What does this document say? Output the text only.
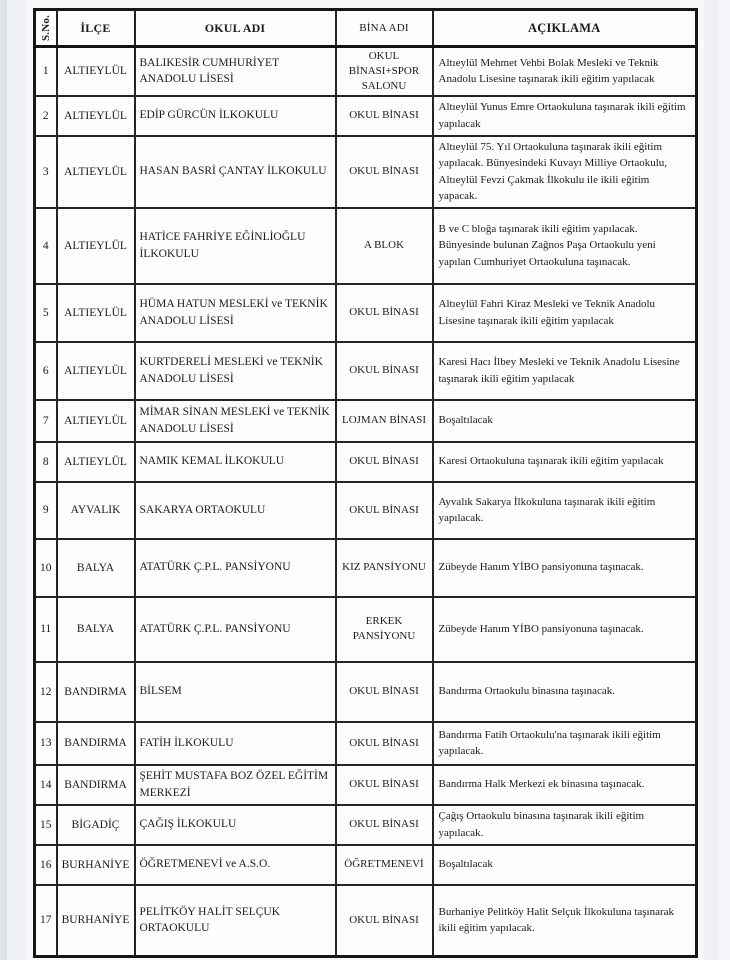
S.No.	İLÇE	OKUL ADI	BİNA ADI	AÇIKLAMA
1	ALTIEYLÜL	BALIKESİR CUMHURİYET ANADOLU LİSESİ	OKUL BİNASI+SPOR SALONU	Altıeylül Mehmet Vehbi Bolak Mesleki ve Teknik Anadolu Lisesine taşınarak ikili eğitim yapılacak
2	ALTIEYLÜL	EDİP GÜRCÜN İLKOKULU	OKUL BİNASI	Altıeylül Yunus Emre Ortaokuluna taşınarak ikili eğitim yapılacak
3	ALTIEYLÜL	HASAN BASRİ ÇANTAY İLKOKULU	OKUL BİNASI	Altıeylül 75. Yıl Ortaokuluna taşınarak ikili eğitim yapılacak. Bünyesindeki Kuvayı Milliye Ortaokulu, Altıeylül Fevzi Çakmak İlkokulu ile ikili eğitim yapacak.
4	ALTIEYLÜL	HATİCE FAHRİYE EĞİNLİOĞLU İLKOKULU	A BLOK	B ve C bloğa taşınarak ikili eğitim yapılacak. Bünyesinde bulunan Zağnos Paşa Ortaokulu yeni yapılan Cumhuriyet Ortaokuluna taşınacak.
5	ALTIEYLÜL	HÜMA HATUN MESLEKİ ve TEKNİK ANADOLU LİSESİ	OKUL BİNASI	Altıeylül Fahri Kiraz Mesleki ve Teknik Anadolu Lisesine taşınarak ikili eğitim yapılacak
6	ALTIEYLÜL	KURTDERELİ MESLEKİ ve TEKNİK ANADOLU LİSESİ	OKUL BİNASI	Karesi Hacı İlbey Mesleki ve Teknik Anadolu Lisesine taşınarak ikili eğitim yapılacak
7	ALTIEYLÜL	MİMAR SİNAN MESLEKİ ve TEKNİK ANADOLU LİSESİ	LOJMAN BİNASI	Boşaltılacak
8	ALTIEYLÜL	NAMIK KEMAL İLKOKULU	OKUL BİNASI	Karesi Ortaokuluna taşınarak ikili eğitim yapılacak
9	AYVALIK	SAKARYA ORTAOKULU	OKUL BİNASI	Ayvalık Sakarya İlkokuluna taşınarak ikili eğitim yapılacak.
10	BALYA	ATATÜRK Ç.P.L. PANSİYONU	KIZ PANSİYONU	Zübeyde Hanım YİBO pansiyonuna taşınacak.
11	BALYA	ATATÜRK Ç.P.L. PANSİYONU	ERKEK PANSİYONU	Zübeyde Hanım YİBO pansiyonuna taşınacak.
12	BANDIRMA	BİLSEM	OKUL BİNASI	Bandırma Ortaokulu binasına taşınacak.
13	BANDIRMA	FATİH İLKOKULU	OKUL BİNASI	Bandırma Fatih Ortaokulu'na taşınarak ikili eğitim yapılacak.
14	BANDIRMA	ŞEHİT MUSTAFA BOZ ÖZEL EĞİTİM MERKEZİ	OKUL BİNASI	Bandırma Halk Merkezi ek binasına taşınacak.
15	BİGADİÇ	ÇAĞIŞ İLKOKULU	OKUL BİNASI	Çağış Ortaokulu binasına taşınarak ikili eğitim yapılacak.
16	BURHANİYE	ÖĞRETMENEVİ ve A.S.O.	ÖĞRETMENEVİ	Boşaltılacak
17	BURHANİYE	PELİTKÖY HALİT SELÇUK ORTAOKULU	OKUL BİNASI	Burhaniye Pelitköy Halit Selçuk İlkokuluna taşınarak ikili eğitim yapılacak.
